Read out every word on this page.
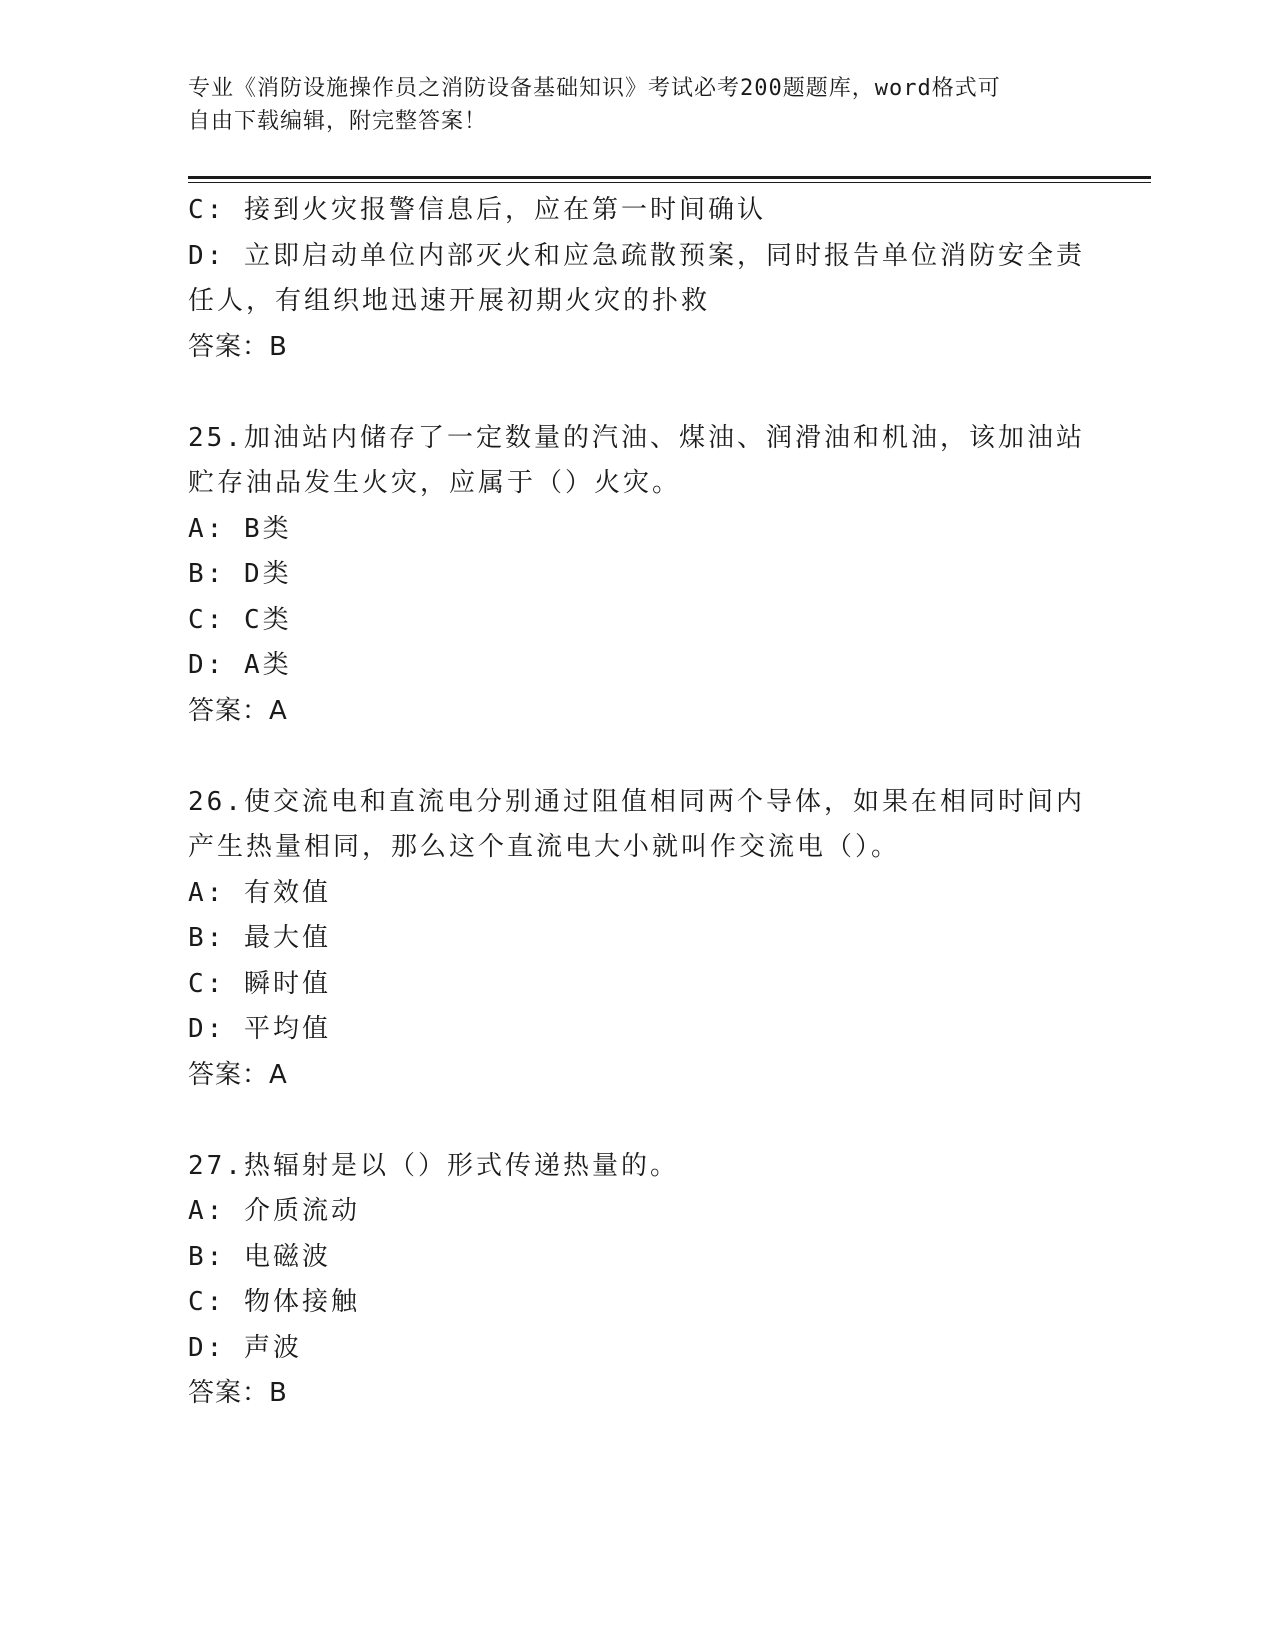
专业《消防设施操作员之消防设备基础知识》考试必考200题题库，word格式可
自由下载编辑，附完整答案！
C: 接到火灾报警信息后，应在第一时间确认
D: 立即启动单位内部灭火和应急疏散预案，同时报告单位消防安全责
任人，有组织地迅速开展初期火灾的扑救
答案：B
25.加油站内储存了一定数量的汽油、煤油、润滑油和机油，该加油站
贮存油品发生火灾，应属于（）火灾。
A: B类
B: D类
C: C类
D: A类
答案：A
26.使交流电和直流电分别通过阻值相同两个导体，如果在相同时间内
产生热量相同，那么这个直流电大小就叫作交流电（）。
A: 有效值
B: 最大值
C: 瞬时值
D: 平均值
答案：A
27.热辐射是以（）形式传递热量的。
A: 介质流动
B: 电磁波
C: 物体接触
D: 声波
答案：B
